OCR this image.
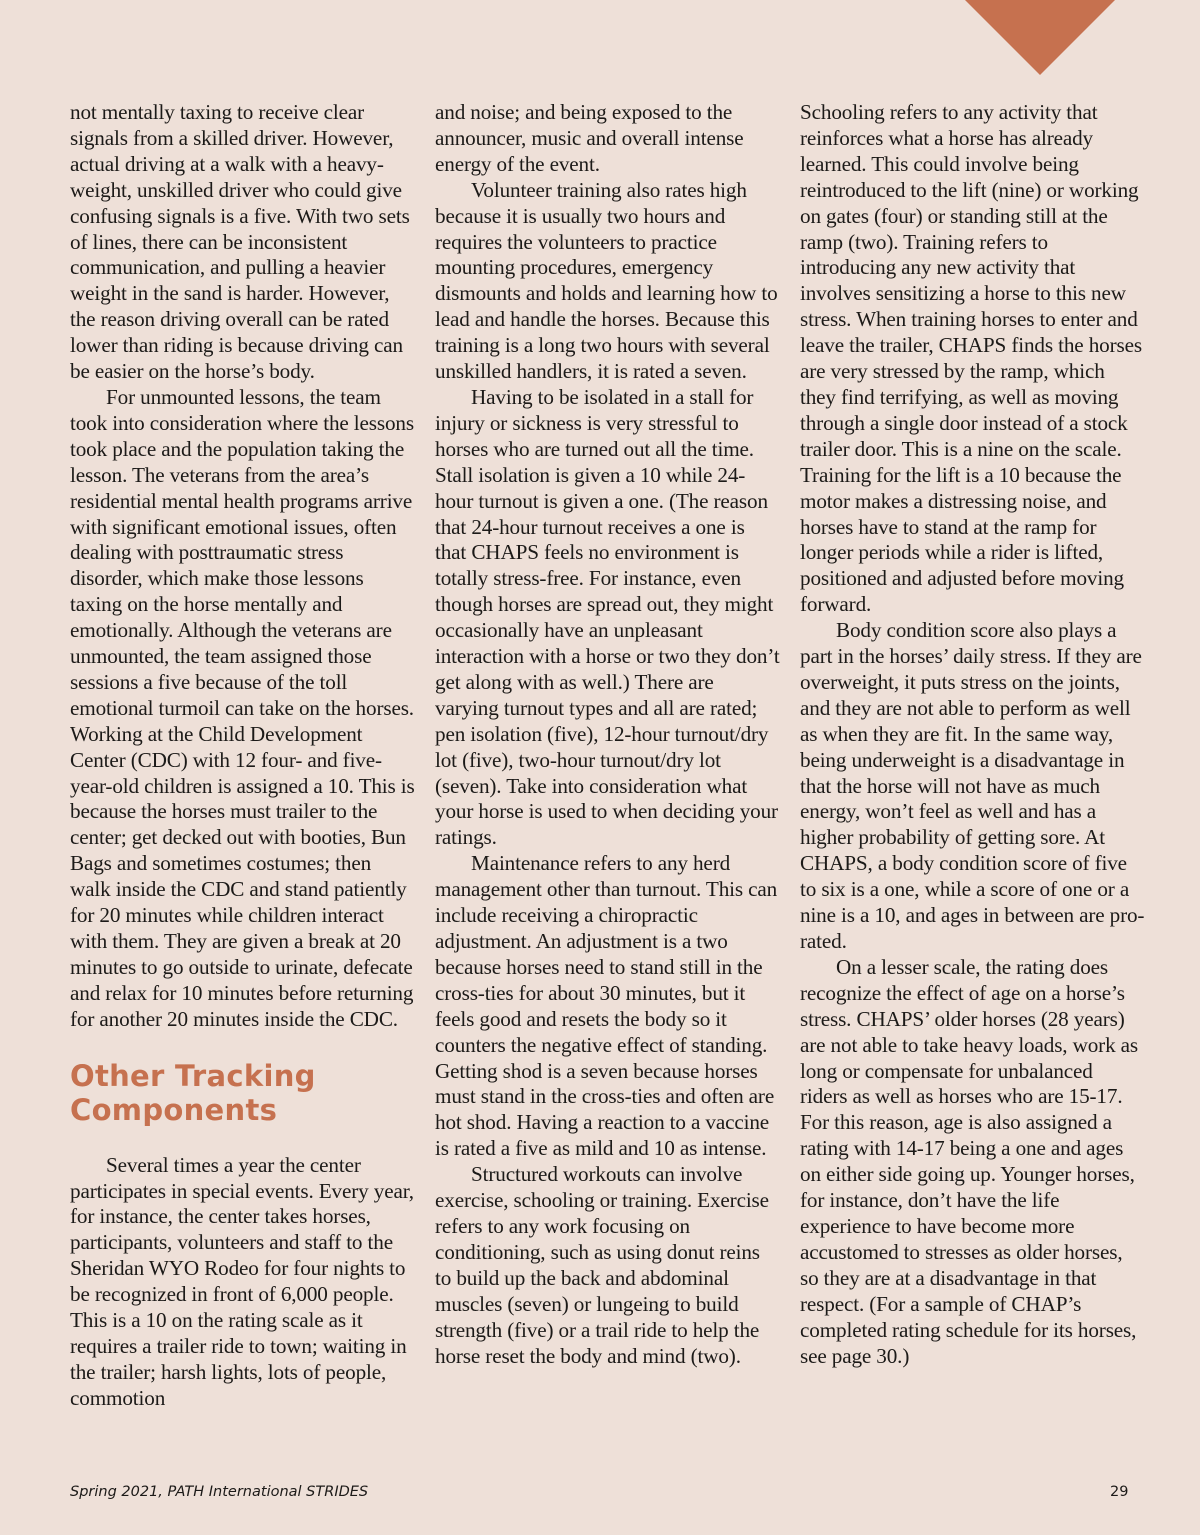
not mentally taxing to receive clear signals from a skilled driver. However, actual driving at a walk with a heavy-weight, unskilled driver who could give confusing signals is a five. With two sets of lines, there can be inconsistent communication, and pulling a heavier weight in the sand is harder. However, the reason driving overall can be rated lower than riding is because driving can be easier on the horse’s body.

For unmounted lessons, the team took into consideration where the lessons took place and the population taking the lesson. The veterans from the area’s residential mental health programs arrive with significant emotional issues, often dealing with posttraumatic stress disorder, which make those lessons taxing on the horse mentally and emotionally. Although the veterans are unmounted, the team assigned those sessions a five because of the toll emotional turmoil can take on the horses. Working at the Child Development Center (CDC) with 12 four- and five-year-old children is assigned a 10. This is because the horses must trailer to the center; get decked out with booties, Bun Bags and sometimes costumes; then walk inside the CDC and stand patiently for 20 minutes while children interact with them. They are given a break at 20 minutes to go outside to urinate, defecate and relax for 10 minutes before returning for another 20 minutes inside the CDC.

Other Tracking Components

Several times a year the center participates in special events. Every year, for instance, the center takes horses, participants, volunteers and staff to the Sheridan WYO Rodeo for four nights to be recognized in front of 6,000 people. This is a 10 on the rating scale as it requires a trailer ride to town; waiting in the trailer; harsh lights, lots of people, commotion

and noise; and being exposed to the announcer, music and overall intense energy of the event.

Volunteer training also rates high because it is usually two hours and requires the volunteers to practice mounting procedures, emergency dismounts and holds and learning how to lead and handle the horses. Because this training is a long two hours with several unskilled handlers, it is rated a seven.

Having to be isolated in a stall for injury or sickness is very stressful to horses who are turned out all the time. Stall isolation is given a 10 while 24-hour turnout is given a one. (The reason that 24-hour turnout receives a one is that CHAPS feels no environment is totally stress-free. For instance, even though horses are spread out, they might occasionally have an unpleasant interaction with a horse or two they don’t get along with as well.) There are varying turnout types and all are rated; pen isolation (five), 12-hour turnout/dry lot (five), two-hour turnout/dry lot (seven). Take into consideration what your horse is used to when deciding your ratings.

Maintenance refers to any herd management other than turnout. This can include receiving a chiropractic adjustment. An adjustment is a two because horses need to stand still in the cross-ties for about 30 minutes, but it feels good and resets the body so it counters the negative effect of standing. Getting shod is a seven because horses must stand in the cross-ties and often are hot shod. Having a reaction to a vaccine is rated a five as mild and 10 as intense.

Structured workouts can involve exercise, schooling or training. Exercise refers to any work focusing on conditioning, such as using donut reins to build up the back and abdominal muscles (seven) or lungeing to build strength (five) or a trail ride to help the horse reset the body and mind (two).

Schooling refers to any activity that reinforces what a horse has already learned. This could involve being reintroduced to the lift (nine) or working on gates (four) or standing still at the ramp (two). Training refers to introducing any new activity that involves sensitizing a horse to this new stress. When training horses to enter and leave the trailer, CHAPS finds the horses are very stressed by the ramp, which they find terrifying, as well as moving through a single door instead of a stock trailer door. This is a nine on the scale. Training for the lift is a 10 because the motor makes a distressing noise, and horses have to stand at the ramp for longer periods while a rider is lifted, positioned and adjusted before moving forward.

Body condition score also plays a part in the horses’ daily stress. If they are overweight, it puts stress on the joints, and they are not able to perform as well as when they are fit. In the same way, being underweight is a disadvantage in that the horse will not have as much energy, won’t feel as well and has a higher probability of getting sore. At CHAPS, a body condition score of five to six is a one, while a score of one or a nine is a 10, and ages in between are pro-rated.

On a lesser scale, the rating does recognize the effect of age on a horse’s stress. CHAPS’ older horses (28 years) are not able to take heavy loads, work as long or compensate for unbalanced riders as well as horses who are 15-17. For this reason, age is also assigned a rating with 14-17 being a one and ages on either side going up. Younger horses, for instance, don’t have the life experience to have become more accustomed to stresses as older horses, so they are at a disadvantage in that respect. (For a sample of CHAP’s completed rating schedule for its horses, see page 30.)

Spring 2021, PATH International STRIDES	29
